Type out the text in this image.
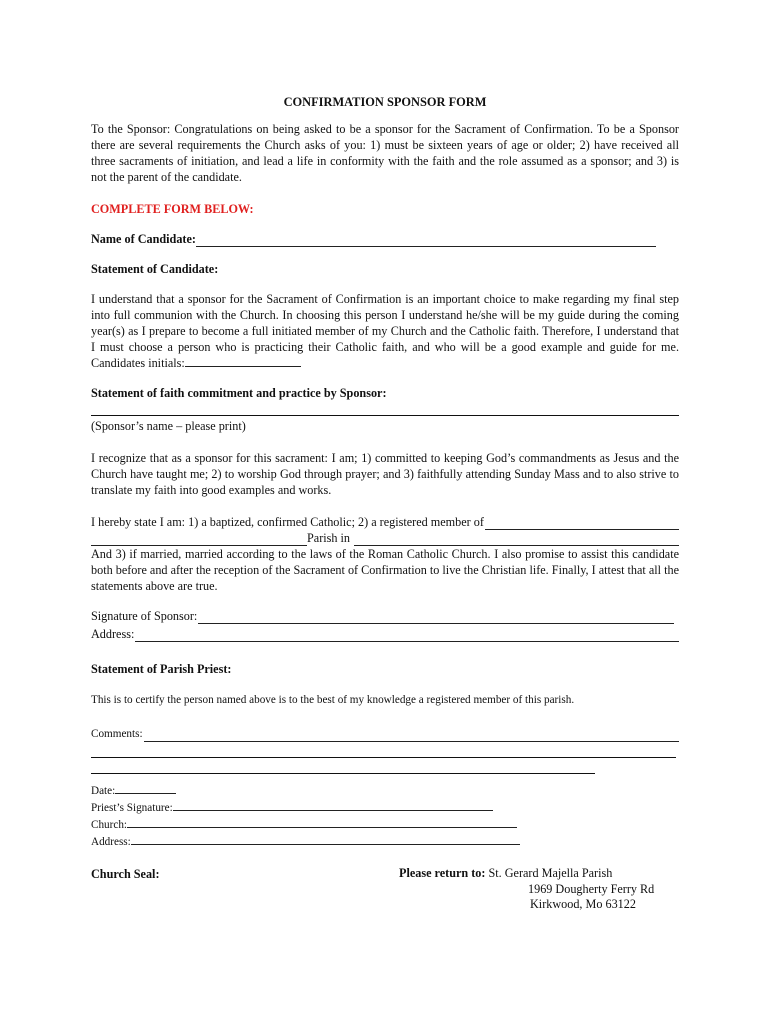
CONFIRMATION SPONSOR FORM

To the Sponsor: Congratulations on being asked to be a sponsor for the Sacrament of Confirmation. To be a Sponsor there are several requirements the Church asks of you: 1) must be sixteen years of age or older; 2) have received all three sacraments of initiation, and lead a life in conformity with the faith and the role assumed as a sponsor; and 3) is not the parent of the candidate.

COMPLETE FORM BELOW:

Name of Candidate:

Statement of Candidate:

I understand that a sponsor for the Sacrament of Confirmation is an important choice to make regarding my final step into full communion with the Church. In choosing this person I understand he/she will be my guide during the coming year(s) as I prepare to become a full initiated member of my Church and the Catholic faith. Therefore, I understand that I must choose a person who is practicing their Catholic faith, and who will be a good example and guide for me. Candidates initials:

Statement of faith commitment and practice by Sponsor:

(Sponsor’s name – please print)

I recognize that as a sponsor for this sacrament: I am; 1) committed to keeping God’s commandments as Jesus and the Church have taught me; 2) to worship God through prayer; and 3) faithfully attending Sunday Mass and to also strive to translate my faith into good examples and works.

I hereby state I am: 1) a baptized, confirmed Catholic; 2) a registered member of
Parish in

And 3) if married, married according to the laws of the Roman Catholic Church. I also promise to assist this candidate both before and after the reception of the Sacrament of Confirmation to live the Christian life. Finally, I attest that all the statements above are true.

Signature of Sponsor:
Address:

Statement of Parish Priest:

This is to certify the person named above is to the best of my knowledge a registered member of this parish.

Comments:
Date:
Priest’s Signature:
Church:
Address:
Church Seal:	Please return to: St. Gerard Majella Parish
1969 Dougherty Ferry Rd
Kirkwood, Mo 63122
